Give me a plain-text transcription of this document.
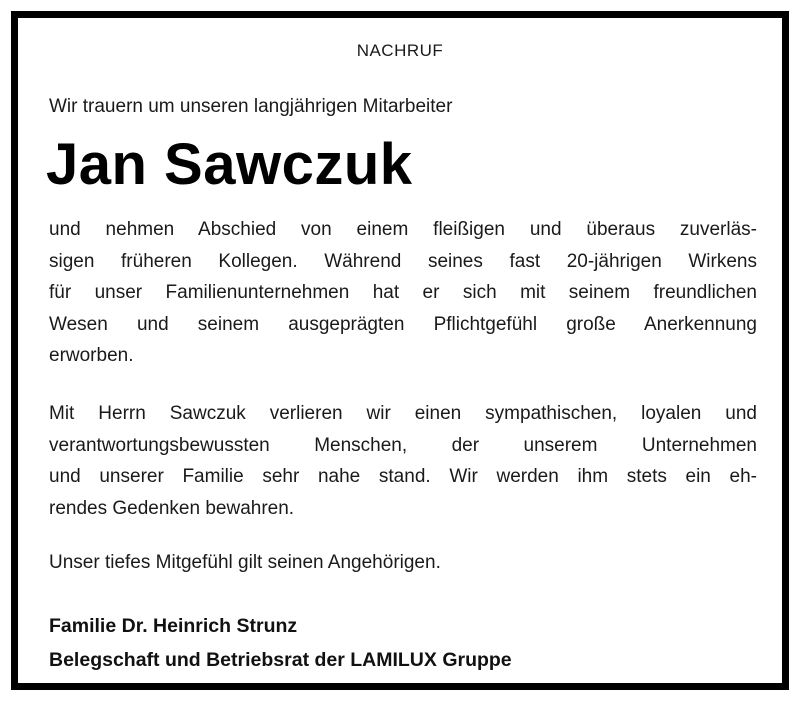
NACHRUF
Wir trauern um unseren langjährigen Mitarbeiter
Jan Sawczuk
und nehmen Abschied von einem fleißigen und überaus zuverläs-
sigen früheren Kollegen. Während seines fast 20-jährigen Wirkens
für unser Familienunternehmen hat er sich mit seinem freundlichen
Wesen und seinem ausgeprägten Pflichtgefühl große Anerkennung
erworben.
Mit Herrn Sawczuk verlieren wir einen sympathischen, loyalen und
verantwortungsbewussten Menschen, der unserem Unternehmen
und unserer Familie sehr nahe stand. Wir werden ihm stets ein eh-
rendes Gedenken bewahren.
Unser tiefes Mitgefühl gilt seinen Angehörigen.
Familie Dr. Heinrich Strunz
Belegschaft und Betriebsrat der LAMILUX Gruppe
